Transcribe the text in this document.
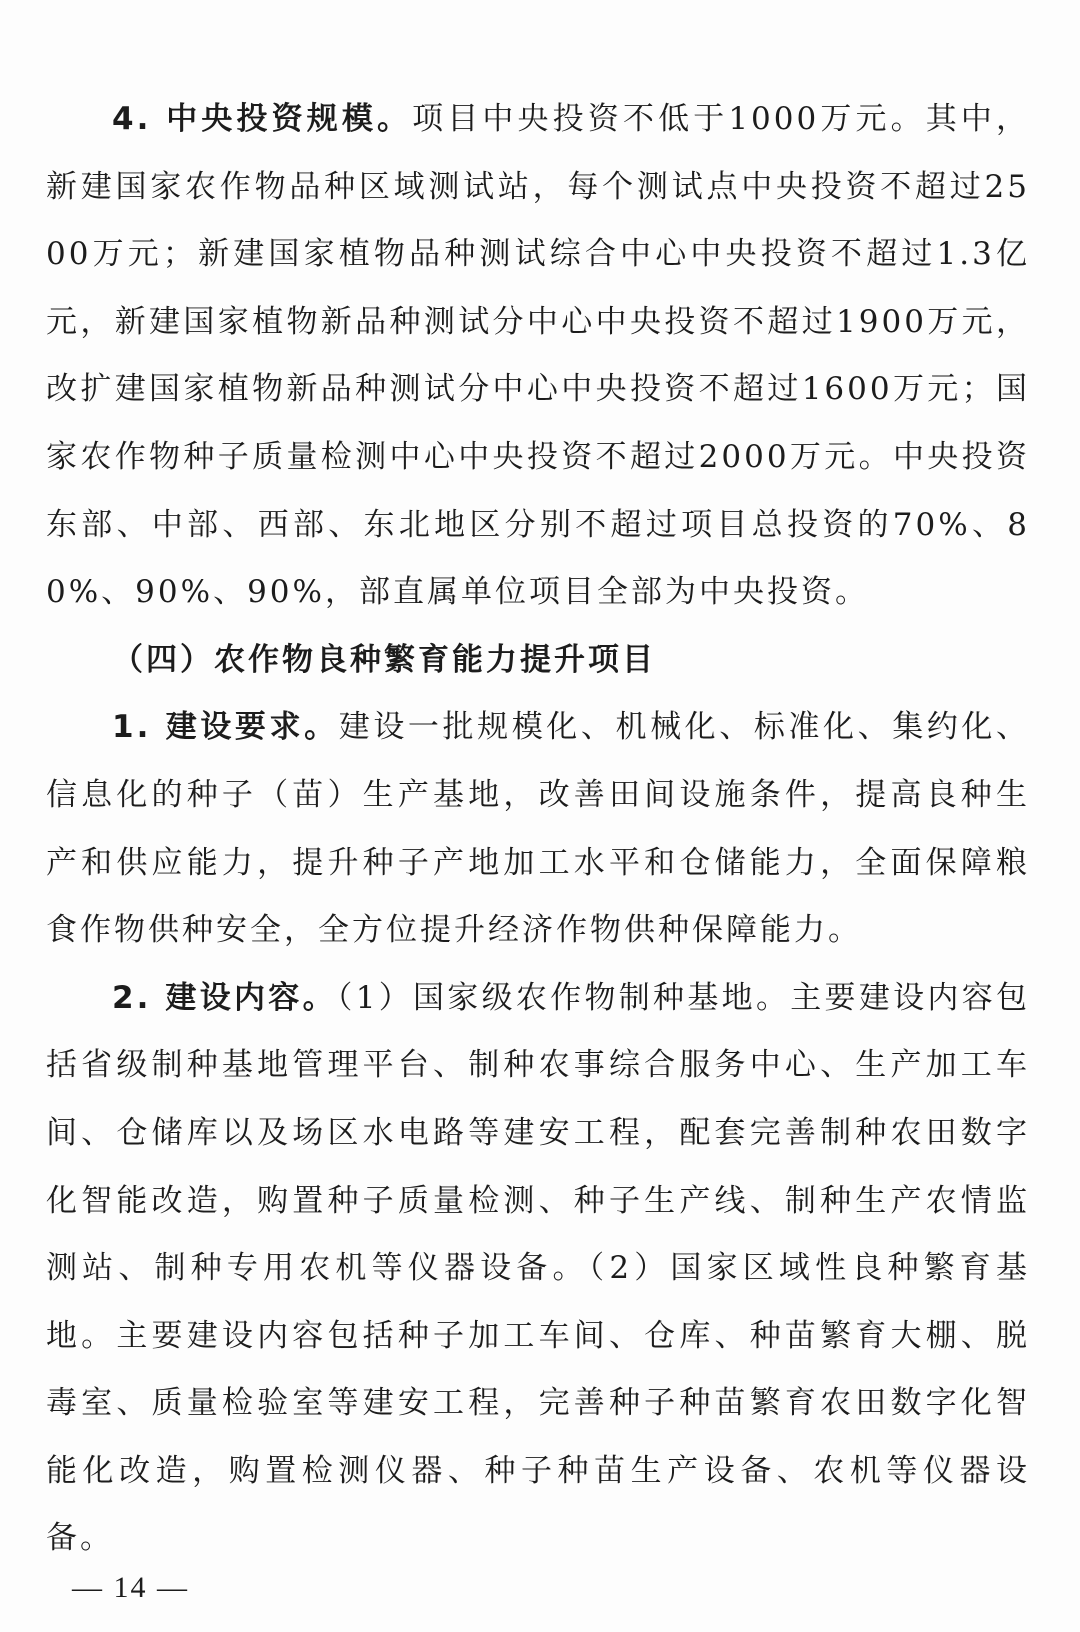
4. 中央投资规模。项目中央投资不低于1000万元。其中，新建国家农作物品种区域测试站，每个测试点中央投资不超过2500万元；新建国家植物品种测试综合中心中央投资不超过1.3亿元，新建国家植物新品种测试分中心中央投资不超过1900万元，改扩建国家植物新品种测试分中心中央投资不超过1600万元；国家农作物种子质量检测中心中央投资不超过2000万元。中央投资东部、中部、西部、东北地区分别不超过项目总投资的70%、80%、90%、90%，部直属单位项目全部为中央投资。

（四）农作物良种繁育能力提升项目

1. 建设要求。建设一批规模化、机械化、标准化、集约化、信息化的种子（苗）生产基地，改善田间设施条件，提高良种生产和供应能力，提升种子产地加工水平和仓储能力，全面保障粮食作物供种安全，全方位提升经济作物供种保障能力。

2. 建设内容。（1）国家级农作物制种基地。主要建设内容包括省级制种基地管理平台、制种农事综合服务中心、生产加工车间、仓储库以及场区水电路等建安工程，配套完善制种农田数字化智能改造，购置种子质量检测、种子生产线、制种生产农情监测站、制种专用农机等仪器设备。（2）国家区域性良种繁育基地。主要建设内容包括种子加工车间、仓库、种苗繁育大棚、脱毒室、质量检验室等建安工程，完善种子种苗繁育农田数字化智能化改造，购置检测仪器、种子种苗生产设备、农机等仪器设备。

— 14 —
